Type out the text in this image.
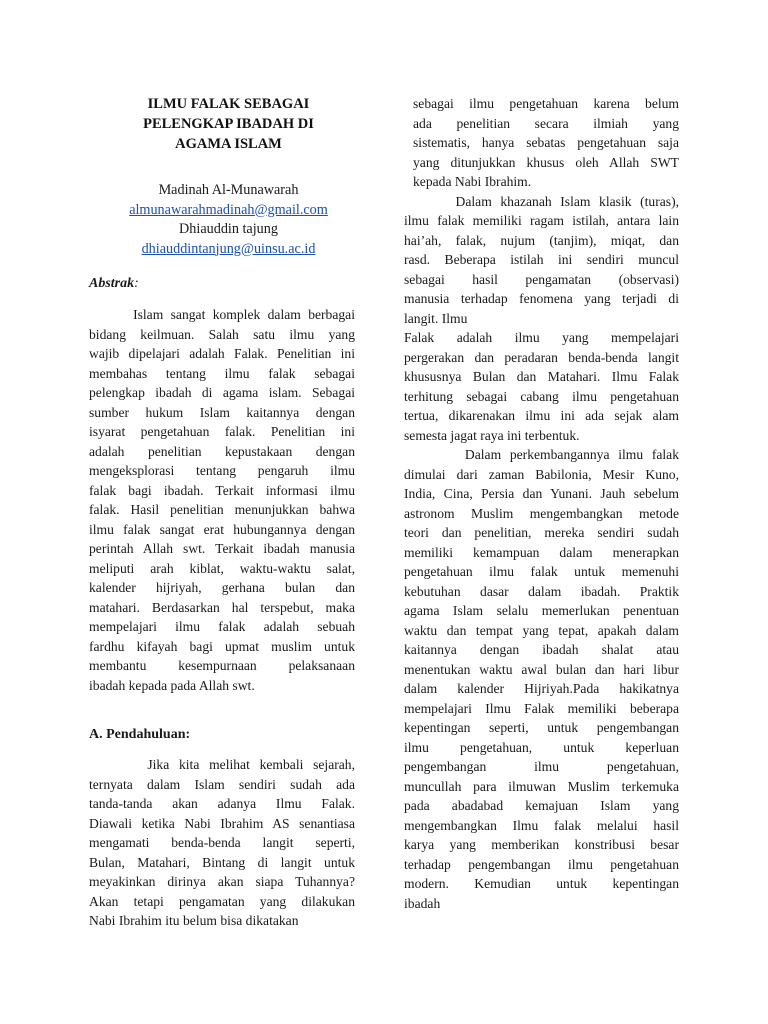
ILMU FALAK SEBAGAI
PELENGKAP IBADAH DI
AGAMA ISLAM
Madinah Al-Munawarah
almunawarahmadinah@gmail.com
Dhiauddin tajung
dhiauddintanjung@uinsu.ac.id
Abstrak:
Islam sangat komplek dalam berbagai
bidang keilmuan. Salah satu ilmu yang
wajib dipelajari adalah Falak. Penelitian ini
membahas tentang ilmu falak sebagai
pelengkap ibadah di agama islam. Sebagai
sumber hukum Islam kaitannya dengan
isyarat pengetahuan falak. Penelitian ini
adalah penelitian kepustakaan dengan
mengeksplorasi tentang pengaruh ilmu
falak bagi ibadah. Terkait informasi ilmu
falak. Hasil penelitian menunjukkan bahwa
ilmu falak sangat erat hubungannya dengan
perintah Allah swt. Terkait ibadah manusia
meliputi arah kiblat, waktu-waktu salat,
kalender hijriyah, gerhana bulan dan
matahari. Berdasarkan hal terspebut, maka
mempelajari ilmu falak adalah sebuah
fardhu kifayah bagi upmat muslim untuk
membantu kesempurnaan pelaksanaan
ibadah kepada pada Allah swt.
Jika kita melihat kembali sejarah,
ternyata dalam Islam sendiri sudah ada
tanda-tanda akan adanya Ilmu Falak.
Diawali ketika Nabi Ibrahim AS senantiasa
mengamati benda-benda langit seperti,
Bulan, Matahari, Bintang di langit untuk
meyakinkan dirinya akan siapa Tuhannya?
Akan tetapi pengamatan yang dilakukan
Nabi Ibrahim itu belum bisa dikatakan
A. Pendahuluan:
sebagai ilmu pengetahuan karena belum
ada penelitian secara ilmiah yang
sistematis, hanya sebatas pengetahuan saja
yang ditunjukkan khusus oleh Allah SWT
kepada Nabi Ibrahim.
Dalam khazanah Islam klasik (turas),
ilmu falak memiliki ragam istilah, antara lain
hai’ah, falak, nujum (tanjim), miqat, dan
rasd. Beberapa istilah ini sendiri muncul
sebagai hasil pengamatan (observasi)
manusia terhadap fenomena yang terjadi di
langit. Ilmu
Falak adalah ilmu yang mempelajari
pergerakan dan peradaran benda-benda langit
khususnya Bulan dan Matahari. Ilmu Falak
terhitung sebagai cabang ilmu pengetahuan
tertua, dikarenakan ilmu ini ada sejak alam
semesta jagat raya ini terbentuk.
Dalam perkembangannya ilmu falak
dimulai dari zaman Babilonia, Mesir Kuno,
India, Cina, Persia dan Yunani. Jauh sebelum
astronom Muslim mengembangkan metode
teori dan penelitian, mereka sendiri sudah
memiliki kemampuan dalam menerapkan
pengetahuan ilmu falak untuk memenuhi
kebutuhan dasar dalam ibadah. Praktik
agama Islam selalu memerlukan penentuan
waktu dan tempat yang tepat, apakah dalam
kaitannya dengan ibadah shalat atau
menentukan waktu awal bulan dan hari libur
dalam kalender Hijriyah.Pada hakikatnya
mempelajari Ilmu Falak memiliki beberapa
kepentingan seperti, untuk pengembangan
ilmu pengetahuan, untuk keperluan
pengembangan ilmu pengetahuan,
muncullah para ilmuwan Muslim terkemuka
pada abadabad kemajuan Islam yang
mengembangkan Ilmu falak melalui hasil
karya yang memberikan konstribusi besar
terhadap pengembangan ilmu pengetahuan
modern. Kemudian untuk kepentingan
ibadah
